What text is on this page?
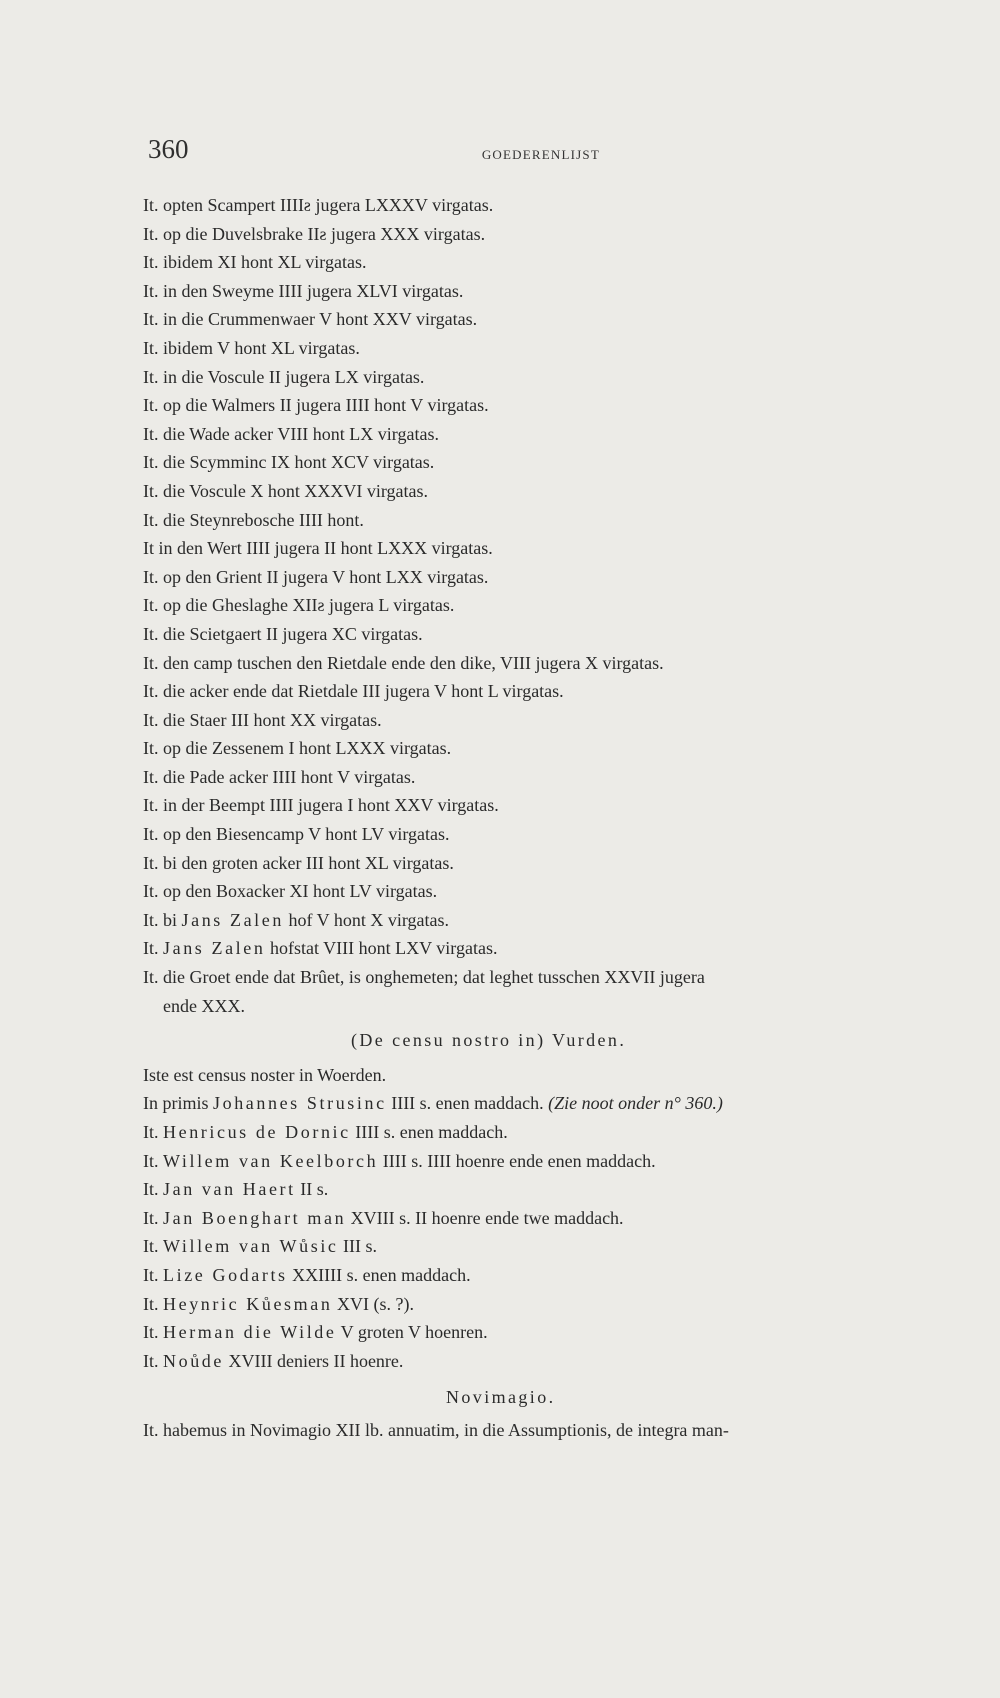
360	GOEDERENLIJST
It. opten Scampert IIIIƨ jugera LXXXV virgatas.
It. op die Duvelsbrake IIƨ jugera XXX virgatas.
It. ibidem XI hont XL virgatas.
It. in den Sweyme IIII jugera XLVI virgatas.
It. in die Crummenwaer V hont XXV virgatas.
It. ibidem V hont XL virgatas.
It. in die Voscule II jugera LX virgatas.
It. op die Walmers II jugera IIII hont V virgatas.
It. die Wade acker VIII hont LX virgatas.
It. die Scymminc IX hont XCV virgatas.
It. die Voscule X hont XXXVI virgatas.
It. die Steynrebosche IIII hont.
It in den Wert IIII jugera II hont LXXX virgatas.
It. op den Grient II jugera V hont LXX virgatas.
It. op die Gheslaghe XIIƨ jugera L virgatas.
It. die Scietgaert II jugera XC virgatas.
It. den camp tuschen den Rietdale ende den dike, VIII jugera X virgatas.
It. die acker ende dat Rietdale III jugera V hont L virgatas.
It. die Staer III hont XX virgatas.
It. op die Zessenem I hont LXXX virgatas.
It. die Pade acker IIII hont V virgatas.
It. in der Beempt IIII jugera I hont XXV virgatas.
It. op den Biesencamp V hont LV virgatas.
It. bi den groten acker III hont XL virgatas.
It. op den Boxacker XI hont LV virgatas.
It. bi Jans Zalen hof V hont X virgatas.
It. Jans Zalen hofstat VIII hont LXV virgatas.
It. die Groet ende dat Brûet, is onghemeten; dat leghet tusschen XXVII jugera
ende XXX.
(De censu nostro in) Vurden.
Iste est census noster in Woerden.
In primis Johannes Strusinc IIII s. enen maddach. (Zie noot onder n° 360.)
It. Henricus de Dornic IIII s. enen maddach.
It. Willem van Keelborch IIII s. IIII hoenre ende enen maddach.
It. Jan van Haert II s.
It. Jan Boenghart man XVIII s. II hoenre ende twe maddach.
It. Willem van Wůsic III s.
It. Lize Godarts XXIIII s. enen maddach.
It. Heynric Kůesman XVI (s. ?).
It. Herman die Wilde V groten V hoenren.
It. Noůde XVIII deniers II hoenre.
Novimagio.
It. habemus in Novimagio XII lb. annuatim, in die Assumptionis, de integra man-
